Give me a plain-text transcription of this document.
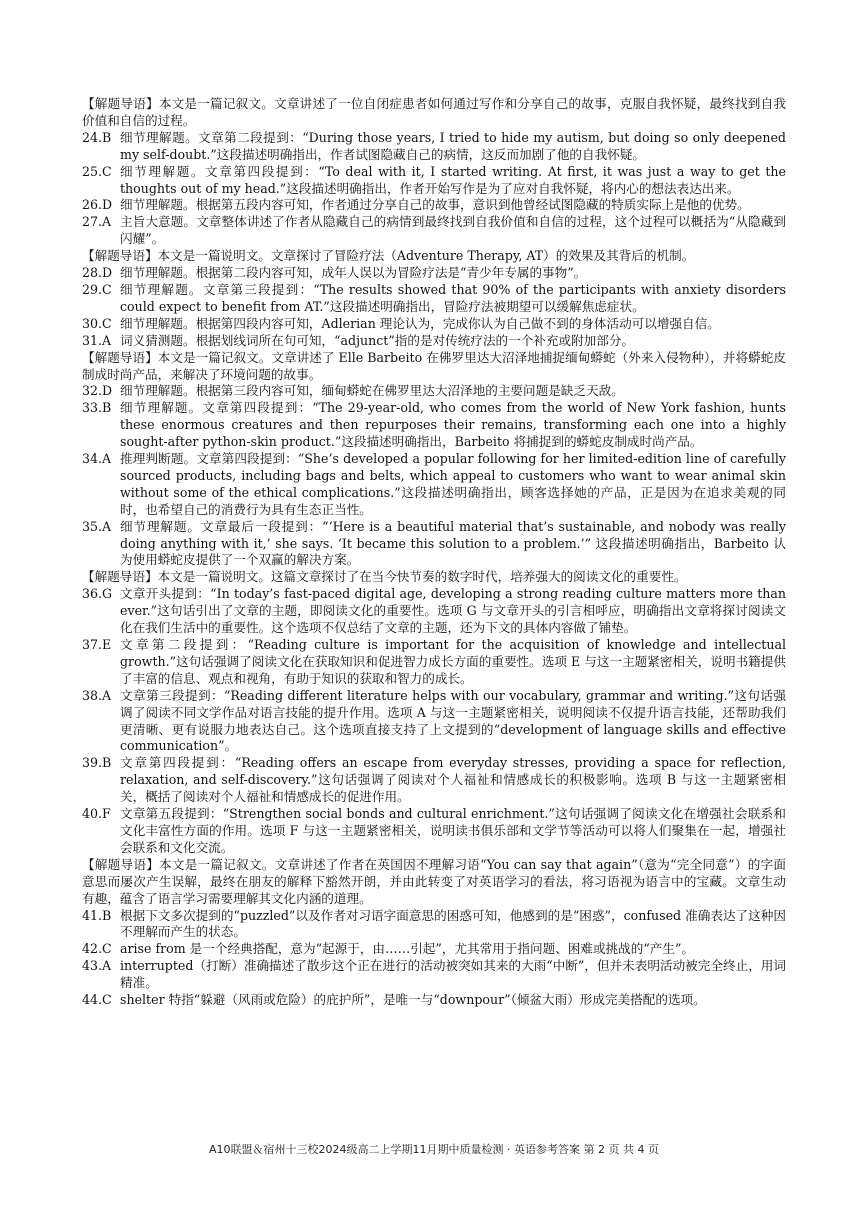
【解题导语】本文是一篇记叙文。文章讲述了一位自闭症患者如何通过写作和分享自己的故事，克服自我怀疑，最终找到自我价值和自信的过程。

24.B 细节理解题。文章第二段提到：“During those years, I tried to hide my autism, but doing so only deepened my self-doubt.”这段描述明确指出，作者试图隐藏自己的病情，这反而加剧了他的自我怀疑。
25.C 细节理解题。文章第四段提到：“To deal with it, I started writing. At first, it was just a way to get the thoughts out of my head.”这段描述明确指出，作者开始写作是为了应对自我怀疑，将内心的想法表达出来。
26.D 细节理解题。根据第五段内容可知，作者通过分享自己的故事，意识到他曾经试图隐藏的特质实际上是他的优势。
27.A 主旨大意题。文章整体讲述了作者从隐藏自己的病情到最终找到自我价值和自信的过程，这个过程可以概括为“从隐藏到闪耀”。

【解题导语】本文是一篇说明文。文章探讨了冒险疗法（Adventure Therapy, AT）的效果及其背后的机制。

28.D 细节理解题。根据第二段内容可知，成年人误以为冒险疗法是“青少年专属的事物”。
29.C 细节理解题。文章第三段提到：“The results showed that 90% of the participants with anxiety disorders could expect to benefit from AT.”这段描述明确指出，冒险疗法被期望可以缓解焦虑症状。
30.C 细节理解题。根据第四段内容可知，Adlerian 理论认为，完成你认为自己做不到的身体活动可以增强自信。
31.A 词义猜测题。根据划线词所在句可知，“adjunct”指的是对传统疗法的一个补充或附加部分。

【解题导语】本文是一篇记叙文。文章讲述了 Elle Barbeito 在佛罗里达大沼泽地捕捉缅甸蟒蛇（外来入侵物种），并将蟒蛇皮制成时尚产品，来解决了环境问题的故事。

32.D 细节理解题。根据第三段内容可知，缅甸蟒蛇在佛罗里达大沼泽地的主要问题是缺乏天敌。
33.B 细节理解题。文章第四段提到：“The 29-year-old, who comes from the world of New York fashion, hunts these enormous creatures and then repurposes their remains, transforming each one into a highly sought-after python-skin product.”这段描述明确指出，Barbeito 将捕捉到的蟒蛇皮制成时尚产品。
34.A 推理判断题。文章第四段提到：“She’s developed a popular following for her limited-edition line of carefully sourced products, including bags and belts, which appeal to customers who want to wear animal skin without some of the ethical complications.”这段描述明确指出，顾客选择她的产品，正是因为在追求美观的同时，也希望自己的消费行为具有生态正当性。
35.A 细节理解题。文章最后一段提到：“‘Here is a beautiful material that’s sustainable, and nobody was really doing anything with it,’ she says. ‘It became this solution to a problem.’” 这段描述明确指出，Barbeito 认为使用蟒蛇皮提供了一个双赢的解决方案。

【解题导语】本文是一篇说明文。这篇文章探讨了在当今快节奏的数字时代，培养强大的阅读文化的重要性。

36.G 文章开头提到：“In today’s fast-paced digital age, developing a strong reading culture matters more than ever.”这句话引出了文章的主题，即阅读文化的重要性。选项 G 与文章开头的引言相呼应，明确指出文章将探讨阅读文化在我们生活中的重要性。这个选项不仅总结了文章的主题，还为下文的具体内容做了铺垫。
37.E 文章第二段提到：“Reading culture is important for the acquisition of knowledge and intellectual growth.”这句话强调了阅读文化在获取知识和促进智力成长方面的重要性。选项 E 与这一主题紧密相关，说明书籍提供了丰富的信息、观点和视角，有助于知识的获取和智力的成长。
38.A 文章第三段提到：“Reading different literature helps with our vocabulary, grammar and writing.”这句话强调了阅读不同文学作品对语言技能的提升作用。选项 A 与这一主题紧密相关，说明阅读不仅提升语言技能，还帮助我们更清晰、更有说服力地表达自己。这个选项直接支持了上文提到的“development of language skills and effective communication”。
39.B 文章第四段提到：“Reading offers an escape from everyday stresses, providing a space for reflection, relaxation, and self-discovery.”这句话强调了阅读对个人福祉和情感成长的积极影响。选项 B 与这一主题紧密相关，概括了阅读对个人福祉和情感成长的促进作用。
40.F 文章第五段提到：“Strengthen social bonds and cultural enrichment.”这句话强调了阅读文化在增强社会联系和文化丰富性方面的作用。选项 F 与这一主题紧密相关，说明读书俱乐部和文学节等活动可以将人们聚集在一起，增强社会联系和文化交流。

【解题导语】本文是一篇记叙文。文章讲述了作者在英国因不理解习语“You can say that again”（意为“完全同意”）的字面意思而屡次产生误解，最终在朋友的解释下豁然开朗，并由此转变了对英语学习的看法，将习语视为语言中的宝藏。文章生动有趣，蕴含了语言学习需要理解其文化内涵的道理。

41.B 根据下文多次提到的“puzzled”以及作者对习语字面意思的困惑可知，他感到的是“困惑”，confused 准确表达了这种因不理解而产生的状态。
42.C arise from 是一个经典搭配，意为“起源于，由……引起”，尤其常用于指问题、困难或挑战的“产生”。
43.A interrupted（打断）准确描述了散步这个正在进行的活动被突如其来的大雨“中断”，但并未表明活动被完全终止，用词精准。
44.C shelter 特指“躲避（风雨或危险）的庇护所”，是唯一与“downpour”（倾盆大雨）形成完美搭配的选项。
A10联盟＆宿州十三校2024级高二上学期11月期中质量检测 · 英语参考答案 第 2 页 共 4 页
